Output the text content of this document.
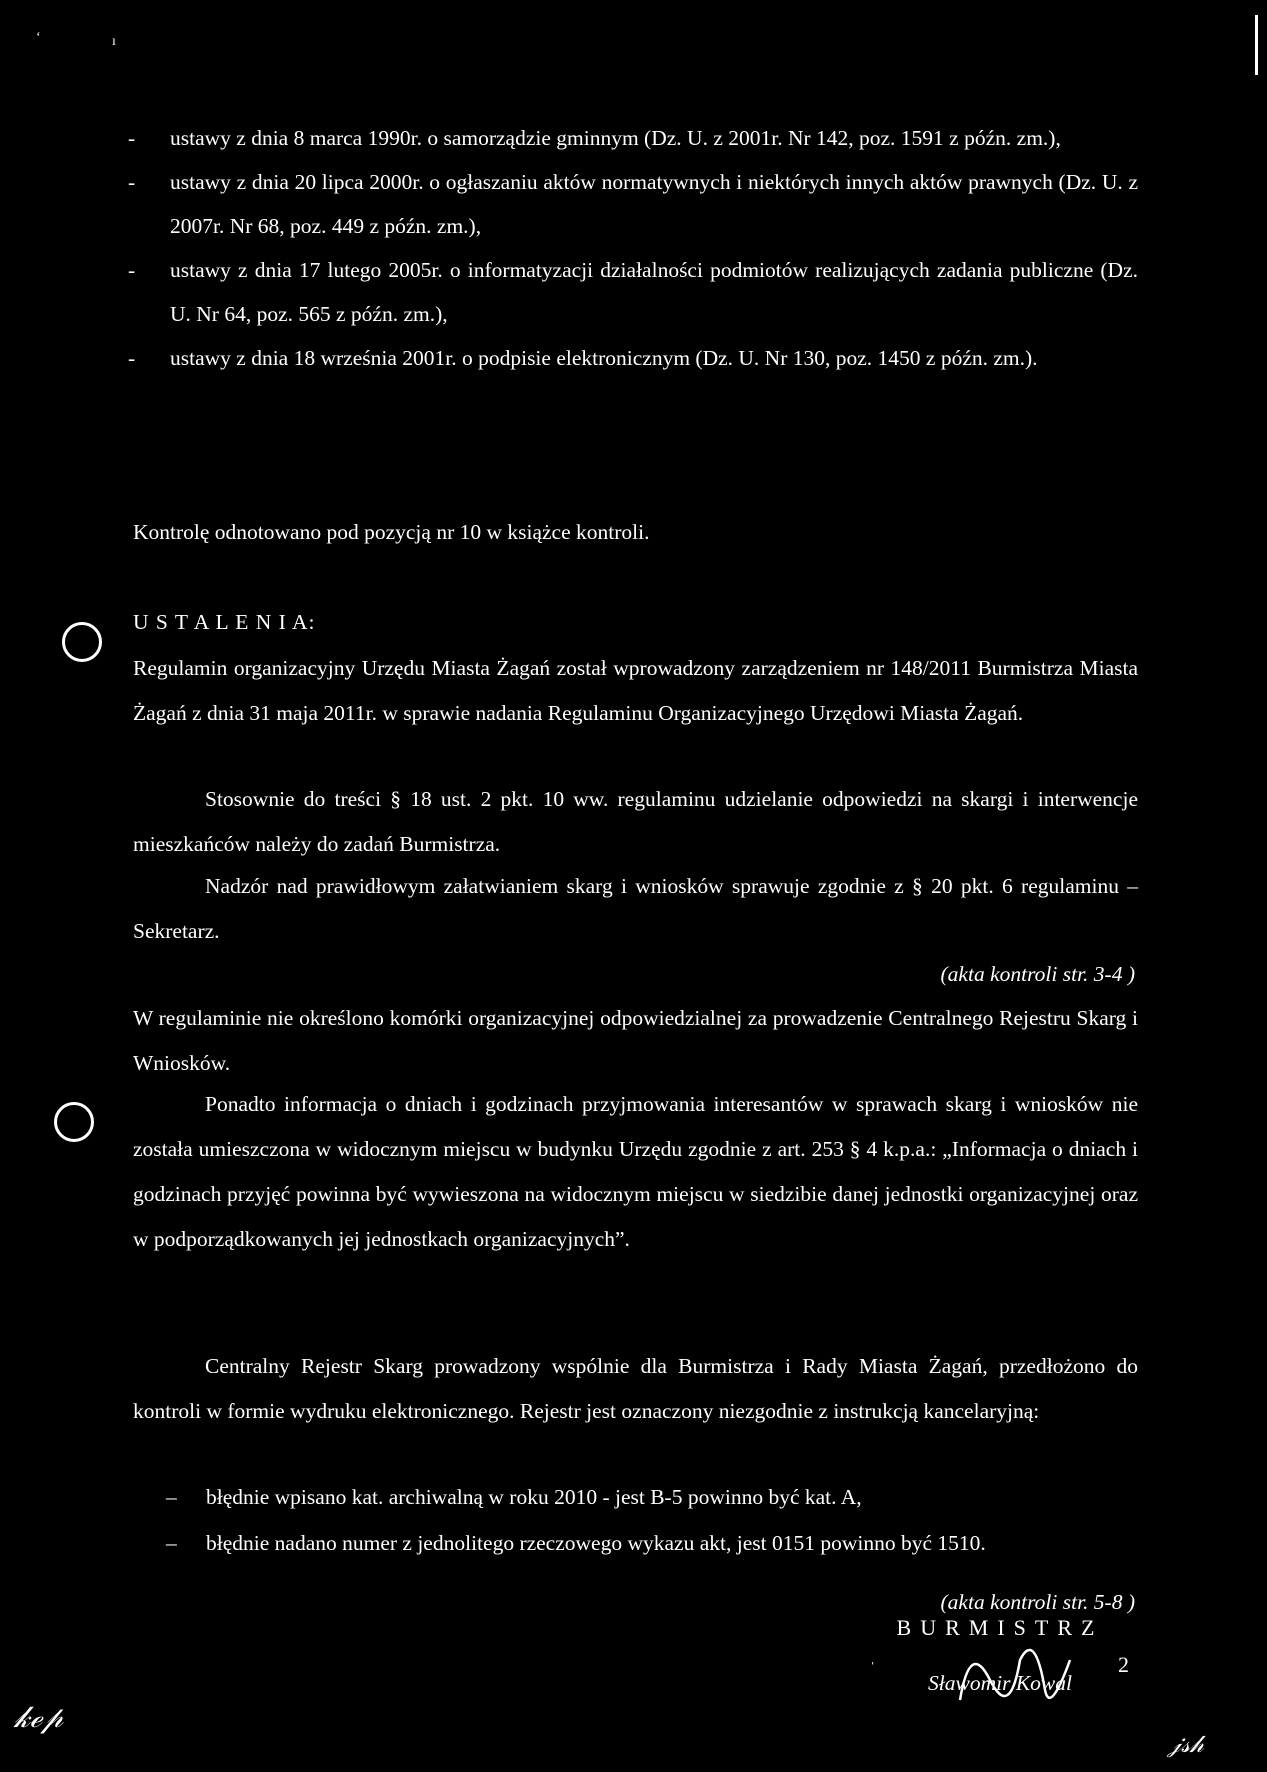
ʻ	ı
-	ustawy z dnia 8 marca 1990r. o samorządzie gminnym (Dz. U. z 2001r. Nr 142, poz. 1591 z późn. zm.),
-	ustawy z dnia 20 lipca 2000r. o ogłaszaniu aktów normatywnych i niektórych innych aktów prawnych (Dz. U. z 2007r. Nr 68, poz. 449 z późn. zm.),
-	ustawy z dnia 17 lutego 2005r. o informatyzacji działalności podmiotów realizujących zadania publiczne (Dz. U. Nr 64, poz. 565 z późn. zm.),
-	ustawy z dnia 18 września 2001r. o podpisie elektronicznym (Dz. U. Nr 130, poz. 1450 z późn. zm.).

Kontrolę odnotowano pod pozycją nr 10 w książce kontroli.

U S T A L E N I A:

Regulamin organizacyjny Urzędu Miasta Żagań został wprowadzony zarządzeniem nr 148/2011 Burmistrza Miasta Żagań z dnia 31 maja 2011r. w sprawie nadania Regulaminu Organizacyjnego Urzędowi Miasta Żagań.

Stosownie do treści § 18 ust. 2 pkt. 10 ww. regulaminu udzielanie odpowiedzi na skargi i interwencje mieszkańców należy do zadań Burmistrza.

Nadzór nad prawidłowym załatwianiem skarg i wniosków sprawuje zgodnie z § 20 pkt. 6 regulaminu – Sekretarz.

(akta kontroli str. 3-4 )

W regulaminie nie określono komórki organizacyjnej odpowiedzialnej za prowadzenie Centralnego Rejestru Skarg i Wniosków.

Ponadto informacja o dniach i godzinach przyjmowania interesantów w sprawach skarg i wniosków nie została umieszczona w widocznym miejscu w budynku Urzędu zgodnie z art. 253 § 4 k.p.a.: „Informacja o dniach i godzinach przyjęć powinna być wywieszona na widocznym miejscu w siedzibie danej jednostki organizacyjnej oraz w podporządkowanych jej jednostkach organizacyjnych”.

Centralny Rejestr Skarg prowadzony wspólnie dla Burmistrza i Rady Miasta Żagań, przedłożono do kontroli w formie wydruku elektronicznego. Rejestr jest oznaczony niezgodnie z instrukcją kancelaryjną:

–	błędnie wpisano kat. archiwalną w roku 2010 - jest B-5 powinno być kat. A,
–	błędnie nadano numer z jednolitego rzeczowego wykazu akt, jest 0151 powinno być 1510.
(akta kontroli str. 5-8 )
BURMISTRZ
Sławomir Kowal
2
ˈ
𝓀ℯ𝓅
𝒿𝓈𝒽
